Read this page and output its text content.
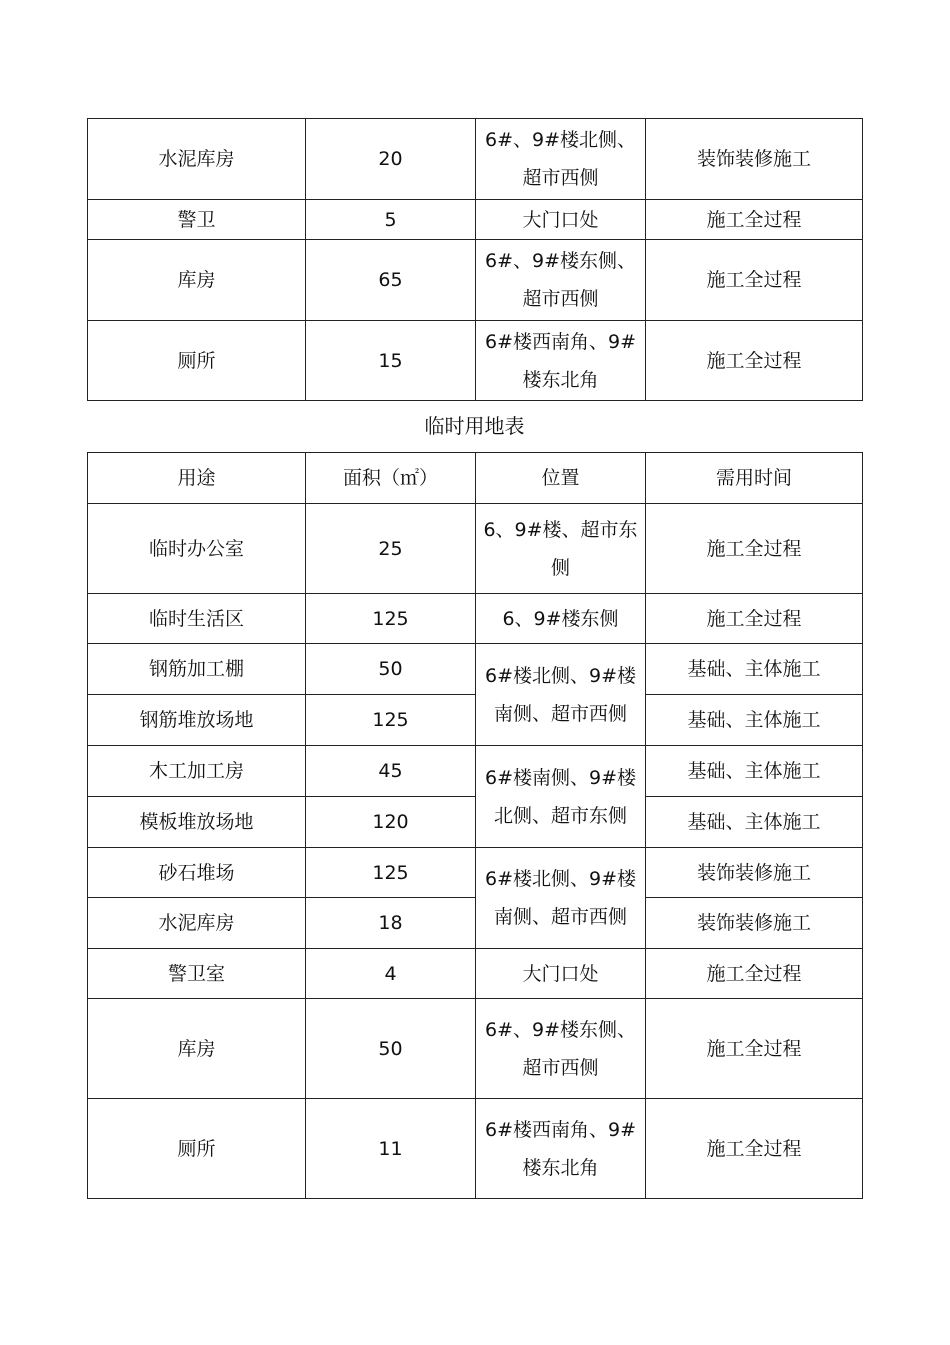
水泥库房	20	6#、9#楼北侧、超市西侧	装饰装修施工
警卫	5	大门口处	施工全过程
库房	65	6#、9#楼东侧、超市西侧	施工全过程
厕所	15	6#楼西南角、9#楼东北角	施工全过程
临时用地表
用途	面积（㎡）	位置	需用时间
临时办公室	25	6、9#楼、超市东侧	施工全过程
临时生活区	125	6、9#楼东侧	施工全过程
钢筋加工棚	50	6#楼北侧、9#楼南侧、超市西侧	基础、主体施工
钢筋堆放场地	125		基础、主体施工
木工加工房	45	6#楼南侧、9#楼北侧、超市东侧	基础、主体施工
模板堆放场地	120		基础、主体施工
砂石堆场	125	6#楼北侧、9#楼南侧、超市西侧	装饰装修施工
水泥库房	18		装饰装修施工
警卫室	4	大门口处	施工全过程
库房	50	6#、9#楼东侧、超市西侧	施工全过程
厕所	11	6#楼西南角、9#楼东北角	施工全过程
